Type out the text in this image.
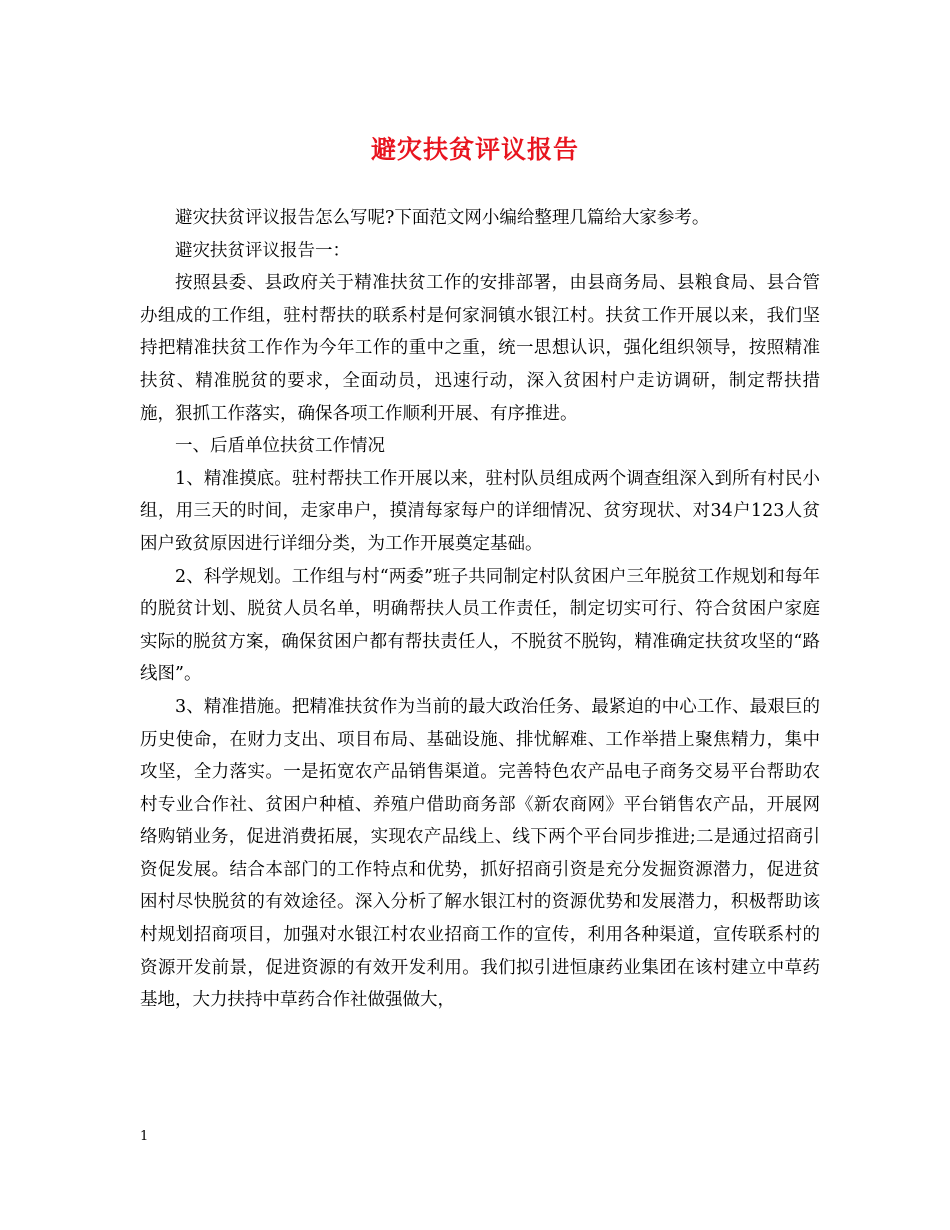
避灾扶贫评议报告

避灾扶贫评议报告怎么写呢?下面范文网小编给整理几篇给大家参考。

避灾扶贫评议报告一：

按照县委、县政府关于精准扶贫工作的安排部署，由县商务局、县粮食局、县合管办组成的工作组，驻村帮扶的联系村是何家洞镇水银江村。扶贫工作开展以来，我们坚持把精准扶贫工作作为今年工作的重中之重，统一思想认识，强化组织领导，按照精准扶贫、精准脱贫的要求，全面动员，迅速行动，深入贫困村户走访调研，制定帮扶措施，狠抓工作落实，确保各项工作顺利开展、有序推进。

一、后盾单位扶贫工作情况

1、精准摸底。驻村帮扶工作开展以来，驻村队员组成两个调查组深入到所有村民小组，用三天的时间，走家串户，摸清每家每户的详细情况、贫穷现状、对34户123人贫困户致贫原因进行详细分类，为工作开展奠定基础。

2、科学规划。工作组与村“两委”班子共同制定村队贫困户三年脱贫工作规划和每年的脱贫计划、脱贫人员名单，明确帮扶人员工作责任，制定切实可行、符合贫困户家庭实际的脱贫方案，确保贫困户都有帮扶责任人，不脱贫不脱钩，精准确定扶贫攻坚的“路线图”。

3、精准措施。把精准扶贫作为当前的最大政治任务、最紧迫的中心工作、最艰巨的历史使命，在财力支出、项目布局、基础设施、排忧解难、工作举措上聚焦精力，集中攻坚，全力落实。一是拓宽农产品销售渠道。完善特色农产品电子商务交易平台帮助农村专业合作社、贫困户种植、养殖户借助商务部《新农商网》平台销售农产品，开展网络购销业务，促进消费拓展，实现农产品线上、线下两个平台同步推进;二是通过招商引资促发展。结合本部门的工作特点和优势，抓好招商引资是充分发掘资源潜力，促进贫困村尽快脱贫的有效途径。深入分析了解水银江村的资源优势和发展潜力，积极帮助该村规划招商项目，加强对水银江村农业招商工作的宣传，利用各种渠道，宣传联系村的资源开发前景，促进资源的有效开发利用。我们拟引进恒康药业集团在该村建立中草药基地，大力扶持中草药合作社做强做大，

1
